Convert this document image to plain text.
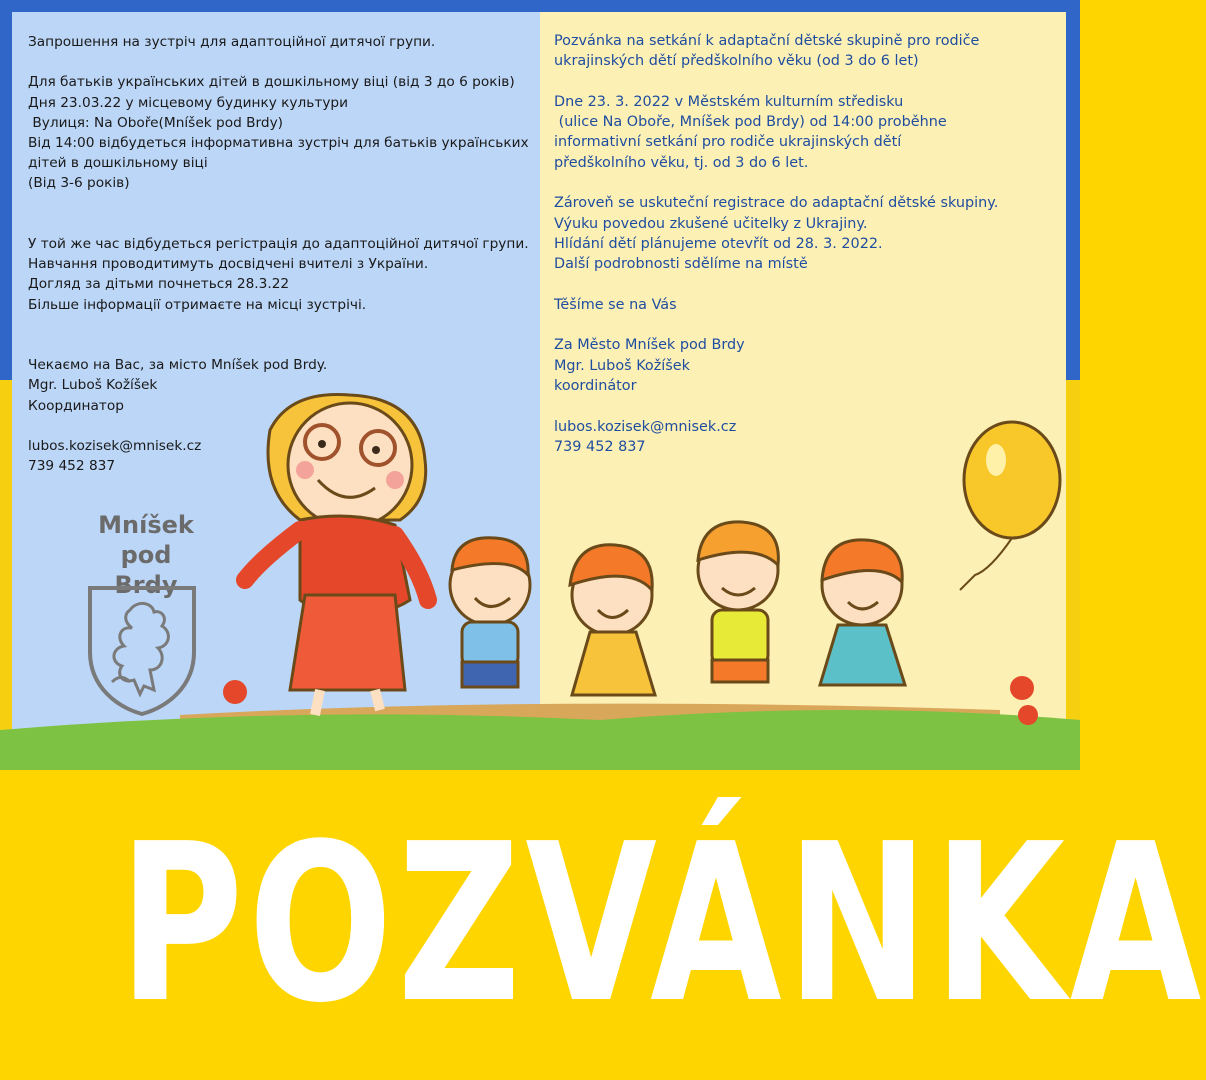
Запрошення на зустріч для адаптоційної дитячої групи.
Для батьків українських дітей в дошкільному віці (від 3 до 6 років)
Дня 23.03.22 у місцевому будинку культури
Вулиця: Na Oboře(Mníšek pod Brdy)
Від 14:00 відбудеться інформативна зустріч для батьків українських
дітей в дошкільному віці
(Від 3-6 років)
У той же час відбудеться регістрація до адаптоційної дитячої групи.
Навчання проводитимуть досвідчені вчителі з України.
Догляд за дітьми почнеться 28.3.22
Більше інформації отримаєте на місці зустрічі.
Чекаємо на Вас, за місто Mníšek pod Brdy.
Mgr. Luboš Kožíšek
Координатор
lubos.kozisek@mnisek.cz
739 452 837
Pozvánka na setkání k adaptační dětské skupině pro rodiče
ukrajinských dětí předškolního věku (od 3 do 6 let)
Dne 23. 3. 2022 v Městském kulturním středisku
(ulice Na Oboře, Mníšek pod Brdy) od 14:00 proběhne
informativní setkání pro rodiče ukrajinských dětí
předškolního věku, tj. od 3 do 6 let.
Zároveň se uskuteční registrace do adaptační dětské skupiny.
Výuku povedou zkušené učitelky z Ukrajiny.
Hlídání dětí plánujeme otevřít od 28. 3. 2022.
Další podrobnosti sdělíme na místě
Těšíme se na Vás
Za Město Mníšek pod Brdy
Mgr. Luboš Kožíšek
koordinátor
lubos.kozisek@mnisek.cz
739 452 837
Mníšek
pod Brdy
POZVÁNKA
